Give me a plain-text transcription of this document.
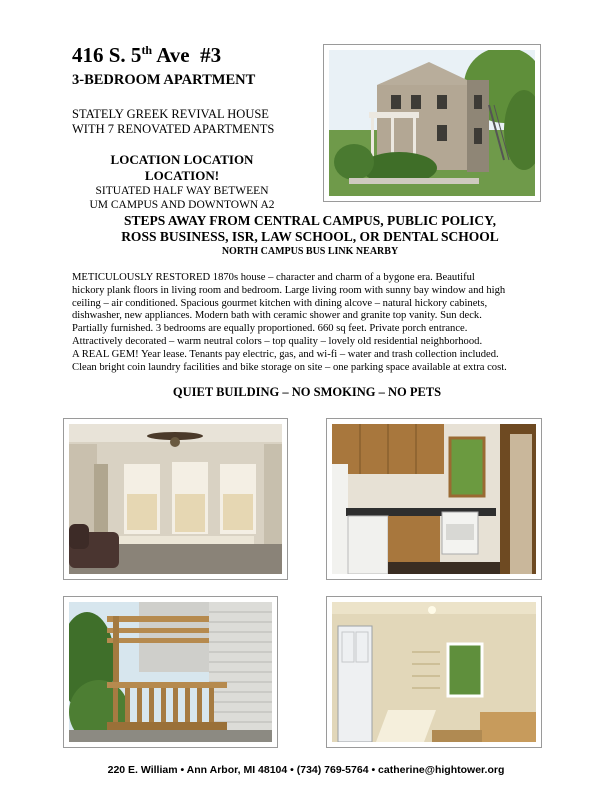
416 S. 5th Ave  #3
3-BEDROOM APARTMENT
STATELY GREEK REVIVAL HOUSE
WITH 7 RENOVATED APARTMENTS
LOCATION LOCATION LOCATION!
SITUATED HALF WAY BETWEEN
UM CAMPUS AND DOWNTOWN A2
STEPS AWAY FROM CENTRAL CAMPUS, PUBLIC POLICY,
ROSS BUSINESS, ISR, LAW SCHOOL, OR DENTAL SCHOOL
NORTH CAMPUS BUS LINK NEARBY
METICULOUSLY RESTORED 1870s house – character and charm of a bygone era. Beautiful
hickory plank floors in living room and bedroom. Large living room with sunny bay window and high
ceiling – air conditioned. Spacious gourmet kitchen with dining alcove – natural hickory cabinets,
dishwasher, new appliances. Modern bath with ceramic shower and granite top vanity. Sun deck.
Partially furnished. 3 bedrooms are equally proportioned. 660 sq feet. Private porch entrance.
Attractively decorated – warm neutral colors – top quality – lovely old residential neighborhood.
A REAL GEM! Year lease. Tenants pay electric, gas, and wi-fi – water and trash collection included.
Clean bright coin laundry facilities and bike storage on site – one parking space available at extra cost.
QUIET BUILDING – NO SMOKING – NO PETS
220 E. William • Ann Arbor, MI 48104 • (734) 769-5764 • catherine@hightower.org
